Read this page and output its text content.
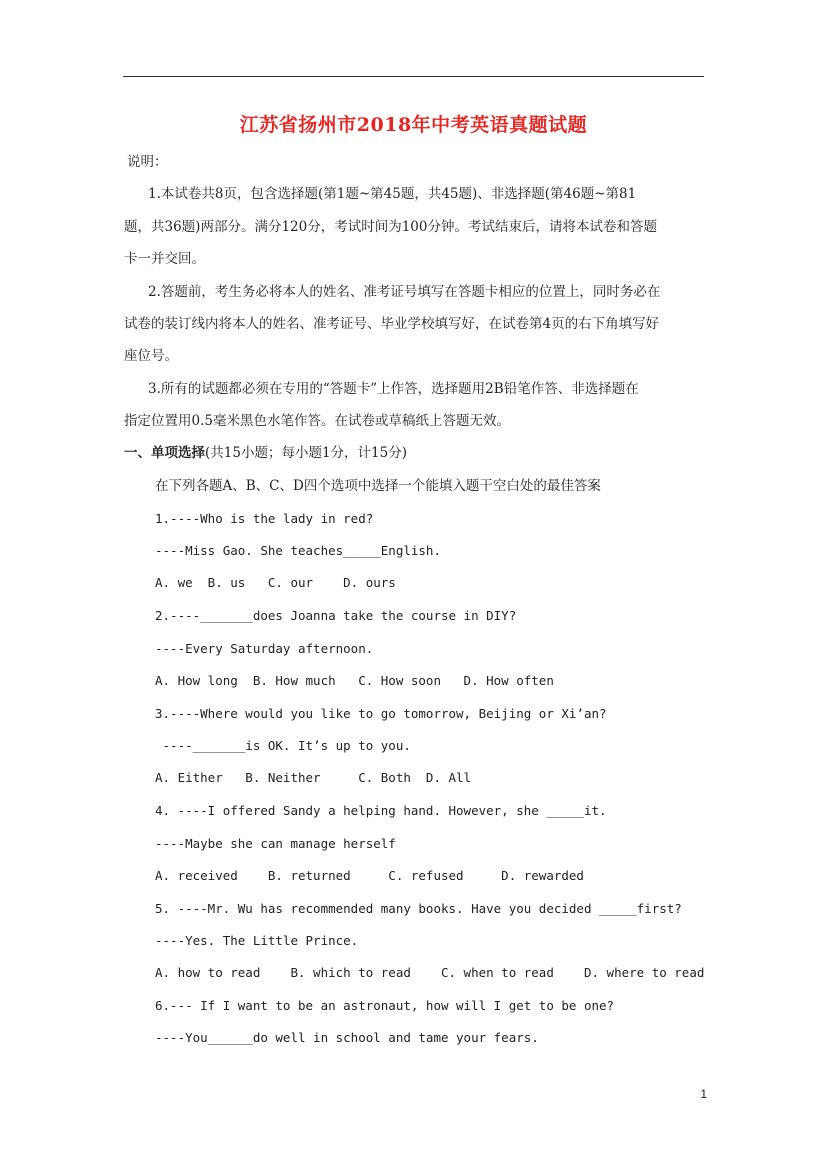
江苏省扬州市2018年中考英语真题试题
说明：
1.本试卷共8页，包含选择题(第1题~第45题，共45题)、非选择题(第46题~第81
题，共36题)两部分。满分120分，考试时间为100分钟。考试结束后，请将本试卷和答题
卡一并交回。
2.答题前，考生务必将本人的姓名、准考证号填写在答题卡相应的位置上，同时务必在
试卷的装订线内将本人的姓名、准考证号、毕业学校填写好，在试卷第4页的右下角填写好
座位号。
3.所有的试题都必须在专用的“答题卡”上作答，选择题用2B铅笔作答、非选择题在
指定位置用0.5毫米黑色水笔作答。在试卷或草稿纸上答题无效。
一、单项选择(共15小题；每小题1分，计15分)
在下列各题A、B、C、D四个选项中选择一个能填入题干空白处的最佳答案
1.----Who is the lady in red?
----Miss Gao. She teaches_____English.
A. we  B. us   C. our    D. ours
2.----_______does Joanna take the course in DIY?
----Every Saturday afternoon.
A. How long  B. How much   C. How soon   D. How often
3.----Where would you like to go tomorrow, Beijing or Xi’an?
----_______is OK. It’s up to you.
A. Either   B. Neither     C. Both  D. All
4. ----I offered Sandy a helping hand. However, she _____it.
----Maybe she can manage herself
A. received    B. returned     C. refused     D. rewarded
5. ----Mr. Wu has recommended many books. Have you decided _____first?
----Yes. The Little Prince.
A. how to read    B. which to read    C. when to read    D. where to read
6.--- If I want to be an astronaut, how will I get to be one?
----You______do well in school and tame your fears.
1
